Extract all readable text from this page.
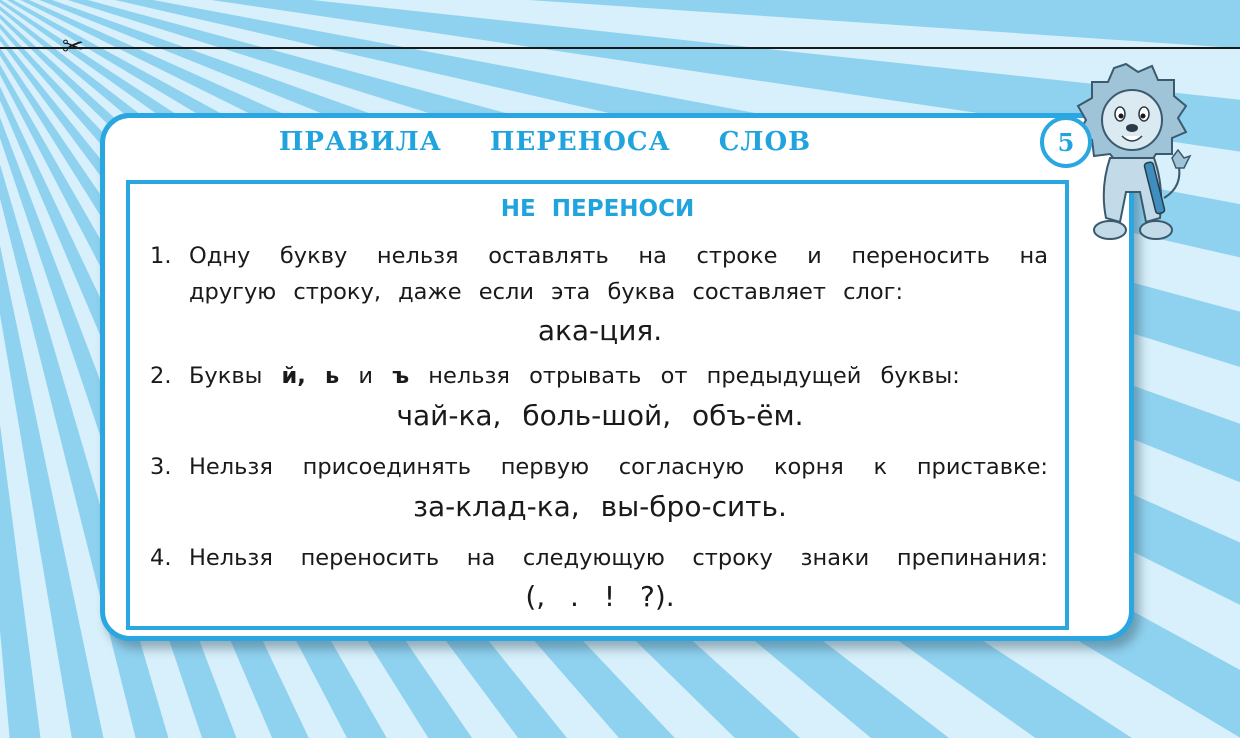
✂
ПРАВИЛА ПЕРЕНОСА СЛОВ	5
НЕ ПЕРЕНОСИ
1. Одну букву нельзя оставлять на строке и переносить на
другую строку, даже если эта буква составляет слог:
ака-ция.
2. Буквы й, ь и ъ нельзя отрывать от предыдущей буквы:
чай-ка, боль-шой, объ-ём.
3. Нельзя присоединять первую согласную корня к приставке:
за-клад-ка, вы-бро-сить.
4. Нельзя переносить на следующую строку знаки препинания:
(, . ! ?).
